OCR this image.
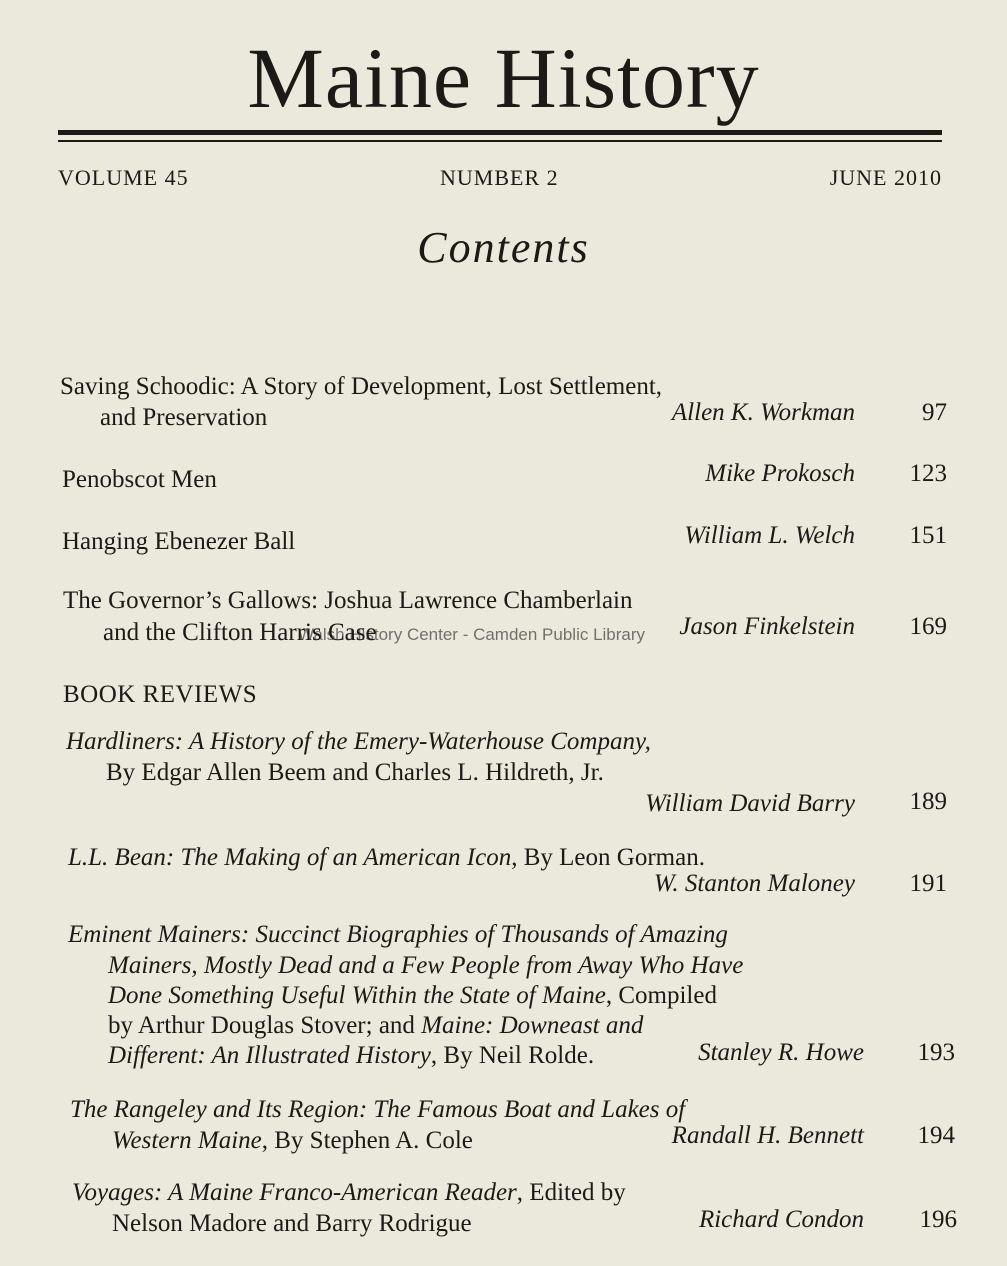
Maine History
VOLUME 45	NUMBER 2	JUNE 2010
Contents
Saving Schoodic: A Story of Development, Lost Settlement,
and Preservation	Allen K. Workman	97
Penobscot Men	Mike Prokosch 123
Hanging Ebenezer Ball	William L. Welch 151
The Governor’s Gallows: Joshua Lawrence Chamberlain
and the Clifton Harris Case	Jason Finkelstein 169
Walsh History Center - Camden Public Library
BOOK REVIEWS
Hardliners: A History of the Emery-Waterhouse Company,
By Edgar Allen Beem and Charles L. Hildreth, Jr.
William David Barry 189
L.L. Bean: The Making of an American Icon, By Leon Gorman.
W. Stanton Maloney 191
Eminent Mainers: Succinct Biographies of Thousands of Amazing
Mainers, Mostly Dead and a Few People from Away Who Have
Done Something Useful Within the State of Maine, Compiled
by Arthur Douglas Stover; and Maine: Downeast and
Different: An Illustrated History, By Neil Rolde.	Stanley R. Howe 193
The Rangeley and Its Region: The Famous Boat and Lakes of
Western Maine, By Stephen A. Cole	Randall H. Bennett 194
Voyages: A Maine Franco-American Reader, Edited by
Nelson Madore and Barry Rodrigue	Richard Condon 196
